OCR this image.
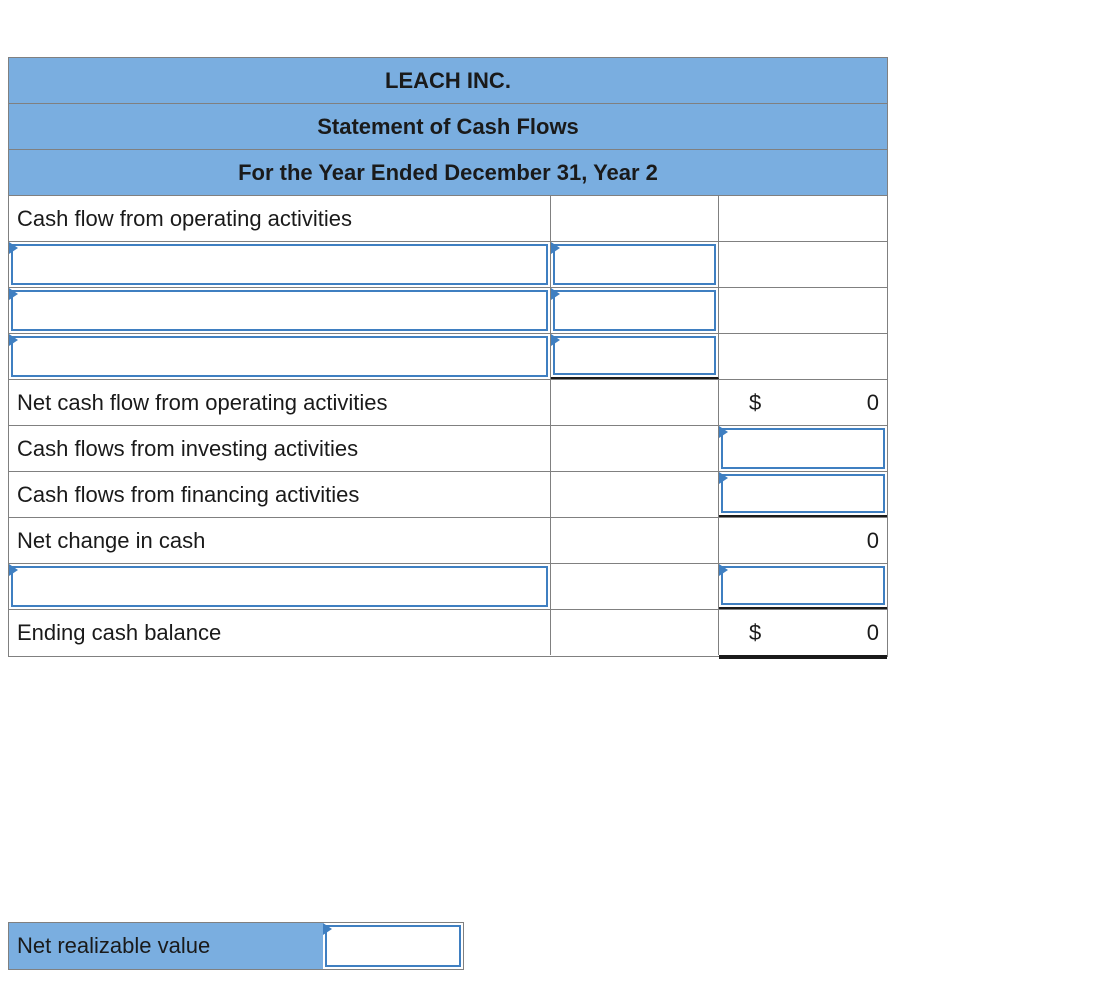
LEACH INC.
Statement of Cash Flows
For the Year Ended December 31, Year 2
Cash flow from operating activities
Net cash flow from operating activities	$	0
Cash flows from investing activities
Cash flows from financing activities
Net change in cash	0
Ending cash balance	$	0
Net realizable value
